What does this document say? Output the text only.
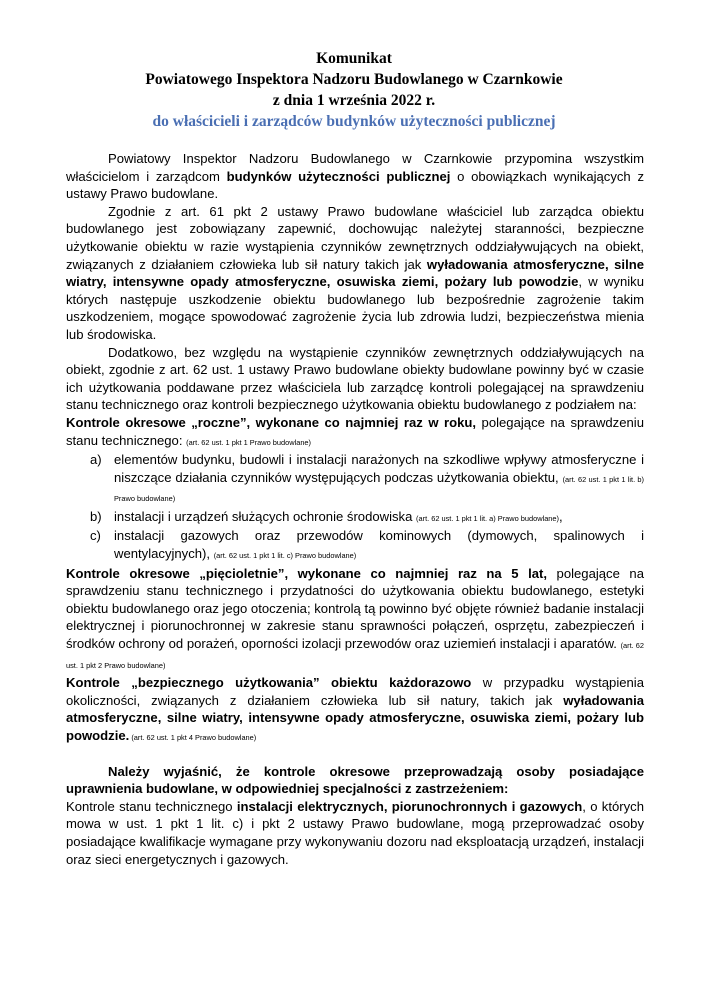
Komunikat
Powiatowego Inspektora Nadzoru Budowlanego w Czarnkowie
z dnia 1 września 2022 r.
do właścicieli i zarządców budynków użyteczności publicznej

Powiatowy Inspektor Nadzoru Budowlanego w Czarnkowie przypomina wszystkim właścicielom i zarządcom budynków użyteczności publicznej o obowiązkach wynikających z ustawy Prawo budowlane.

Zgodnie z art. 61 pkt 2 ustawy Prawo budowlane właściciel lub zarządca obiektu budowlanego jest zobowiązany zapewnić, dochowując należytej staranności, bezpieczne użytkowanie obiektu w razie wystąpienia czynników zewnętrznych oddziaływujących na obiekt, związanych z działaniem człowieka lub sił natury takich jak wyładowania atmosferyczne, silne wiatry, intensywne opady atmosferyczne, osuwiska ziemi, pożary lub powodzie, w wyniku których następuje uszkodzenie obiektu budowlanego lub bezpośrednie zagrożenie takim uszkodzeniem, mogące spowodować zagrożenie życia lub zdrowia ludzi, bezpieczeństwa mienia lub środowiska.

Dodatkowo, bez względu na wystąpienie czynników zewnętrznych oddziaływujących na obiekt, zgodnie z art. 62 ust. 1 ustawy Prawo budowlane obiekty budowlane powinny być w czasie ich użytkowania poddawane przez właściciela lub zarządcę kontroli polegającej na sprawdzeniu stanu technicznego oraz kontroli bezpiecznego użytkowania obiektu budowlanego z podziałem na:

Kontrole okresowe „roczne”, wykonane co najmniej raz w roku, polegające na sprawdzeniu stanu technicznego: (art. 62 ust. 1 pkt 1 Prawo budowlane)

a) elementów budynku, budowli i instalacji narażonych na szkodliwe wpływy atmosferyczne i niszczące działania czynników występujących podczas użytkowania obiektu, (art. 62 ust. 1 pkt 1 lit. b) Prawo budowlane)
b) instalacji i urządzeń służących ochronie środowiska (art. 62 ust. 1 pkt 1 lit. a) Prawo budowlane),
c) instalacji gazowych oraz przewodów kominowych (dymowych, spalinowych i wentylacyjnych), (art. 62 ust. 1 pkt 1 lit. c) Prawo budowlane)

Kontrole okresowe „pięcioletnie”, wykonane co najmniej raz na 5 lat, polegające na sprawdzeniu stanu technicznego i przydatności do użytkowania obiektu budowlanego, estetyki obiektu budowlanego oraz jego otoczenia; kontrolą tą powinno być objęte również badanie instalacji elektrycznej i piorunochronnej w zakresie stanu sprawności połączeń, osprzętu, zabezpieczeń i środków ochrony od porażeń, oporności izolacji przewodów oraz uziemień instalacji i aparatów. (art. 62 ust. 1 pkt 2 Prawo budowlane)

Kontrole „bezpiecznego użytkowania” obiektu każdorazowo w przypadku wystąpienia okoliczności, związanych z działaniem człowieka lub sił natury, takich jak wyładowania atmosferyczne, silne wiatry, intensywne opady atmosferyczne, osuwiska ziemi, pożary lub powodzie. (art. 62 ust. 1 pkt 4 Prawo budowlane)

Należy wyjaśnić, że kontrole okresowe przeprowadzają osoby posiadające uprawnienia budowlane, w odpowiedniej specjalności z zastrzeżeniem:

Kontrole stanu technicznego instalacji elektrycznych, piorunochronnych i gazowych, o których mowa w ust. 1 pkt 1 lit. c) i pkt 2 ustawy Prawo budowlane, mogą przeprowadzać osoby posiadające kwalifikacje wymagane przy wykonywaniu dozoru nad eksploatacją urządzeń, instalacji oraz sieci energetycznych i gazowych.
